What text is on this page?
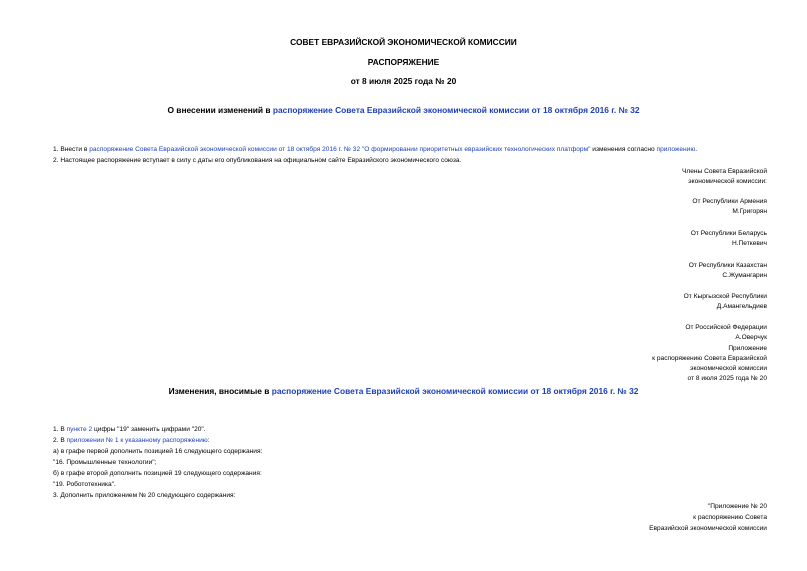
СОВЕТ ЕВРАЗИЙСКОЙ ЭКОНОМИЧЕСКОЙ КОМИССИИ
РАСПОРЯЖЕНИЕ
от 8 июля 2025 года № 20
О внесении изменений в распоряжение Совета Евразийской экономической комиссии от 18 октября 2016 г. № 32
1. Внести в распоряжение Совета Евразийской экономической комиссии от 18 октября 2016 г. № 32 "О формировании приоритетных евразийских технологических платформ" изменения согласно приложению.
2. Настоящее распоряжение вступает в силу с даты его опубликования на официальном сайте Евразийского экономического союза.
Члены Совета Евразийской
экономической комиссии:
От Республики Армения
М.Григорян
От Республики Беларусь
Н.Петкевич
От Республики Казахстан
С.Жумангарин
От Кыргызской Республики
Д.Амангельдиев
От Российской Федерации
А.Оверчук
Приложение
к распоряжению Совета Евразийской
экономической комиссии
от 8 июля 2025 года № 20
Изменения, вносимые в распоряжение Совета Евразийской экономической комиссии от 18 октября 2016 г. № 32
1. В пункте 2 цифры "19" заменить цифрами "20".
2. В приложении № 1 к указанному распоряжению:
а) в графе первой дополнить позицией 16 следующего содержания:
"16. Промышленные технологии";
б) в графе второй дополнить позицией 19 следующего содержания:
"19. Робототехника".
3. Дополнить приложением № 20 следующего содержания:
"Приложение № 20
к распоряжению Совета
Евразийской экономической комиссии
